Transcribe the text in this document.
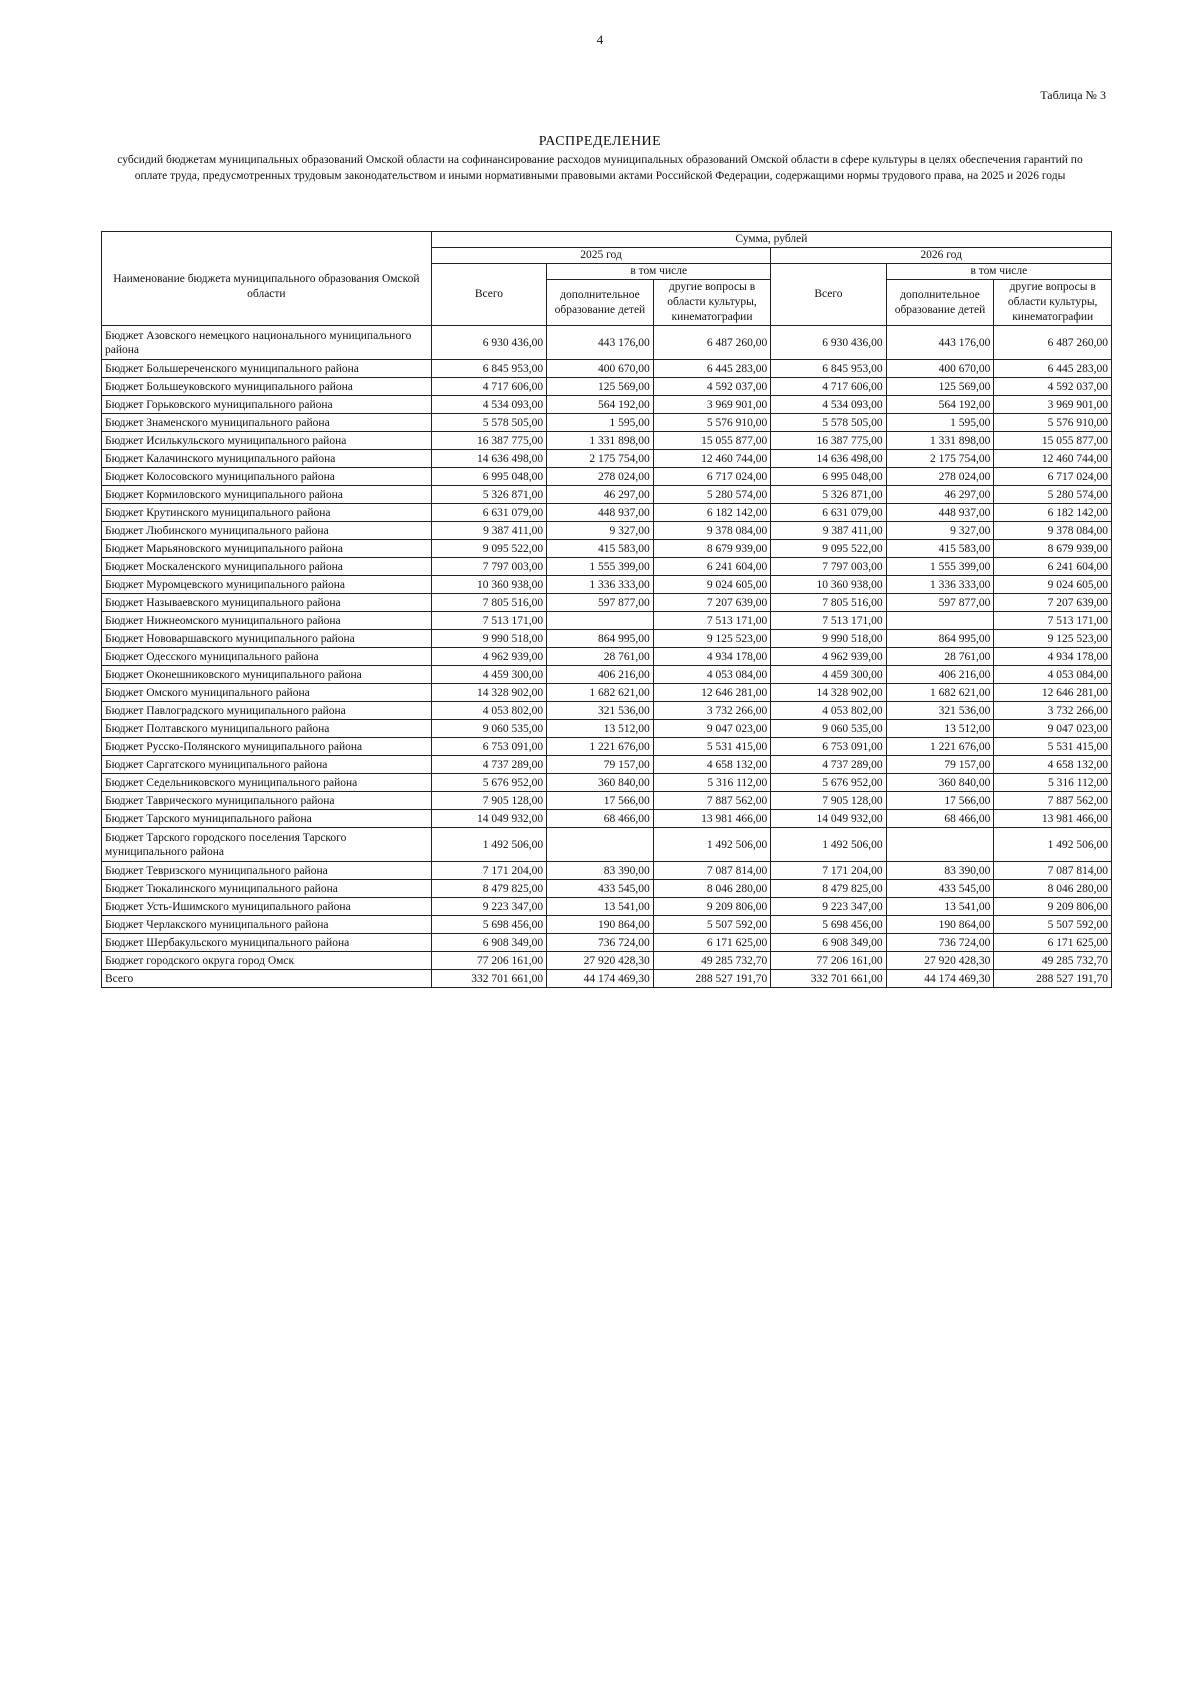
4
Таблица № 3
РАСПРЕДЕЛЕНИЕ
субсидий бюджетам муниципальных образований Омской области на софинансирование расходов муниципальных образований Омской области в сфере культуры в целях обеспечения гарантий по оплате труда, предусмотренных трудовым законодательством и иными нормативными правовыми актами Российской Федерации, содержащими нормы трудового права, на 2025 и 2026 годы
Наименование бюджета муниципального образования Омской области	Сумма, рублей					
	2025 год			2026 год		
	Всего	в том числе		Всего	в том числе	
		дополнительное образование детей	другие вопросы в области культуры, кинематографии		дополнительное образование детей	другие вопросы в области культуры, кинематографии
Бюджет Азовского немецкого национального муниципального района	6 930 436,00	443 176,00	6 487 260,00	6 930 436,00	443 176,00	6 487 260,00
Бюджет Большереченского муниципального района	6 845 953,00	400 670,00	6 445 283,00	6 845 953,00	400 670,00	6 445 283,00
Бюджет Большеуковского муниципального района	4 717 606,00	125 569,00	4 592 037,00	4 717 606,00	125 569,00	4 592 037,00
Бюджет Горьковского муниципального района	4 534 093,00	564 192,00	3 969 901,00	4 534 093,00	564 192,00	3 969 901,00
Бюджет Знаменского муниципального района	5 578 505,00	1 595,00	5 576 910,00	5 578 505,00	1 595,00	5 576 910,00
Бюджет Исилькульского муниципального района	16 387 775,00	1 331 898,00	15 055 877,00	16 387 775,00	1 331 898,00	15 055 877,00
Бюджет Калачинского муниципального района	14 636 498,00	2 175 754,00	12 460 744,00	14 636 498,00	2 175 754,00	12 460 744,00
Бюджет Колосовского муниципального района	6 995 048,00	278 024,00	6 717 024,00	6 995 048,00	278 024,00	6 717 024,00
Бюджет Кормиловского муниципального района	5 326 871,00	46 297,00	5 280 574,00	5 326 871,00	46 297,00	5 280 574,00
Бюджет Крутинского муниципального района	6 631 079,00	448 937,00	6 182 142,00	6 631 079,00	448 937,00	6 182 142,00
Бюджет Любинского муниципального района	9 387 411,00	9 327,00	9 378 084,00	9 387 411,00	9 327,00	9 378 084,00
Бюджет Марьяновского муниципального района	9 095 522,00	415 583,00	8 679 939,00	9 095 522,00	415 583,00	8 679 939,00
Бюджет Москаленского муниципального района	7 797 003,00	1 555 399,00	6 241 604,00	7 797 003,00	1 555 399,00	6 241 604,00
Бюджет Муромцевского муниципального района	10 360 938,00	1 336 333,00	9 024 605,00	10 360 938,00	1 336 333,00	9 024 605,00
Бюджет Называевского муниципального района	7 805 516,00	597 877,00	7 207 639,00	7 805 516,00	597 877,00	7 207 639,00
Бюджет Нижнеомского муниципального района	7 513 171,00		7 513 171,00	7 513 171,00		7 513 171,00
Бюджет Нововаршавского муниципального района	9 990 518,00	864 995,00	9 125 523,00	9 990 518,00	864 995,00	9 125 523,00
Бюджет Одесского муниципального района	4 962 939,00	28 761,00	4 934 178,00	4 962 939,00	28 761,00	4 934 178,00
Бюджет Оконешниковского муниципального района	4 459 300,00	406 216,00	4 053 084,00	4 459 300,00	406 216,00	4 053 084,00
Бюджет Омского муниципального района	14 328 902,00	1 682 621,00	12 646 281,00	14 328 902,00	1 682 621,00	12 646 281,00
Бюджет Павлоградского муниципального района	4 053 802,00	321 536,00	3 732 266,00	4 053 802,00	321 536,00	3 732 266,00
Бюджет Полтавского муниципального района	9 060 535,00	13 512,00	9 047 023,00	9 060 535,00	13 512,00	9 047 023,00
Бюджет Русско-Полянского муниципального района	6 753 091,00	1 221 676,00	5 531 415,00	6 753 091,00	1 221 676,00	5 531 415,00
Бюджет Саргатского муниципального района	4 737 289,00	79 157,00	4 658 132,00	4 737 289,00	79 157,00	4 658 132,00
Бюджет Седельниковского муниципального района	5 676 952,00	360 840,00	5 316 112,00	5 676 952,00	360 840,00	5 316 112,00
Бюджет Таврического муниципального района	7 905 128,00	17 566,00	7 887 562,00	7 905 128,00	17 566,00	7 887 562,00
Бюджет Тарского муниципального района	14 049 932,00	68 466,00	13 981 466,00	14 049 932,00	68 466,00	13 981 466,00
Бюджет Тарского городского поселения Тарского муниципального района	1 492 506,00		1 492 506,00	1 492 506,00		1 492 506,00
Бюджет Тевризского муниципального района	7 171 204,00	83 390,00	7 087 814,00	7 171 204,00	83 390,00	7 087 814,00
Бюджет Тюкалинского муниципального района	8 479 825,00	433 545,00	8 046 280,00	8 479 825,00	433 545,00	8 046 280,00
Бюджет Усть-Ишимского муниципального района	9 223 347,00	13 541,00	9 209 806,00	9 223 347,00	13 541,00	9 209 806,00
Бюджет Черлакского муниципального района	5 698 456,00	190 864,00	5 507 592,00	5 698 456,00	190 864,00	5 507 592,00
Бюджет Шербакульского муниципального района	6 908 349,00	736 724,00	6 171 625,00	6 908 349,00	736 724,00	6 171 625,00
Бюджет городского округа город Омск	77 206 161,00	27 920 428,30	49 285 732,70	77 206 161,00	27 920 428,30	49 285 732,70
Всего	332 701 661,00	44 174 469,30	288 527 191,70	332 701 661,00	44 174 469,30	288 527 191,70
